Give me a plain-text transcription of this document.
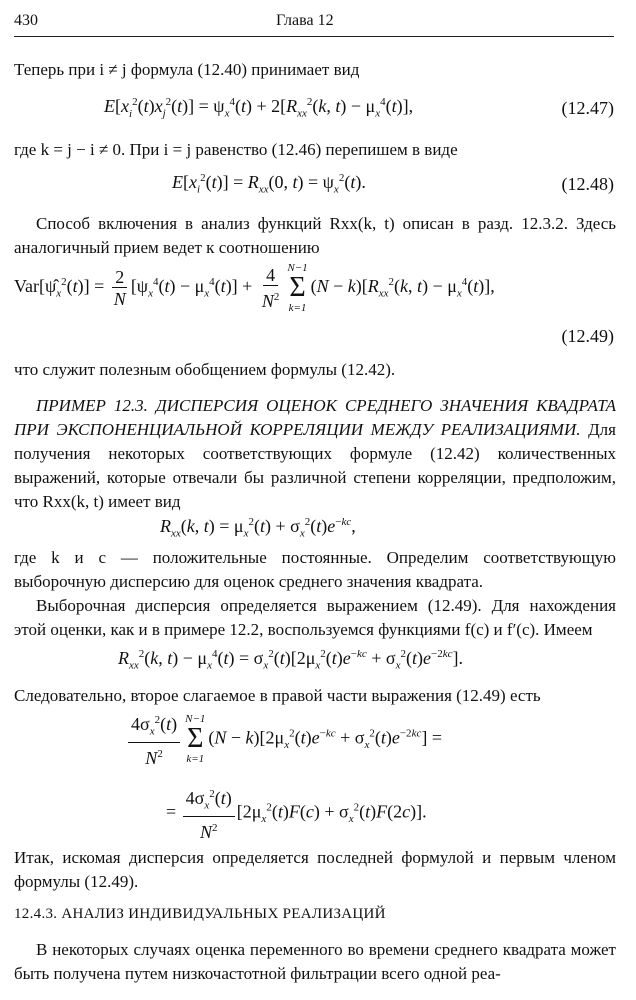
430	Глава 12
Теперь при i ≠ j формула (12.40) принимает вид
$E[x_i^2(t)x_j^2(t)] = \psi_x^4(t) + 2[R_{xx}^2(k$, $t) - \mu_x^4(t)$],	(12.47)
где k = j − i ≠ 0. При i = j равенство (12.46) перепишем в виде
$E[x_i^2(t)] = R_{xx}(0$, $t) = \psi_x^2(t)$.	(12.48)
Способ включения в анализ функций Rxx(k, t) описан в разд. 12.3.2. Здесь аналогичный прием ведет к соотношению
$Var[\psî_x^2(t)] = \frac{2}{N} [\psi_x^4(t) - \mu_x^4(t)] + \frac{4}{N^2} N-1$
Σ
k=1
$(N - k)[R_{xx}^2(k$, $t) - \mu_x^4(t)$],
(12.49)
что служит полезным обобщением формулы (12.42).
ПРИМЕР 12.3. ДИСПЕРСИЯ ОЦЕНОК СРЕДНЕГО ЗНАЧЕНИЯ КВАДРАТА ПРИ ЭКСПОНЕНЦИАЛЬНОЙ КОРРЕЛЯЦИИ МЕЖДУ РЕАЛИЗАЦИЯМИ. Для получения некоторых соответствующих формуле (12.42) количественных выражений, которые отвечали бы различной степени корреляции, предположим, что Rxx(k, t) имеет вид
$R_{xx}(k$, $t) = \mu_x^2(t) + \sigma_x^2(t)e^{-kc}$,
где k и c — положительные постоянные. Определим соответствующую выборочную дисперсию для оценок среднего значения квадрата.
Выборочная дисперсия определяется выражением (12.49). Для нахождения этой оценки, как и в примере 12.2, воспользуемся функциями f(c) и f′(c). Имеем
$R_{xx}^2(k$, $t) - \mu_x^4(t) = \sigma_x^2(t)[2\mu_x^2(t)e^{-kc} + \sigma_x^2(t)e^{-2kc}]$.
Следовательно, второе слагаемое в правой части выражения (12.49) есть
$\frac{4\sigma_x^2(t)}{N^2} N-1$
Σ
k=1
$(N - k)[2\mu_x^2(t)e^{-kc} + \sigma_x^2(t)e^{-2kc}]$ =
= $\frac{4\sigma_x^2(t)}{N^2} [2\mu_x^2(t)F(c) + \sigma_x^2(t)F(2c)]$.
Итак, искомая дисперсия определяется последней формулой и первым членом формулы (12.49).
12.4.3. АНАЛИЗ ИНДИВИДУАЛЬНЫХ РЕАЛИЗАЦИЙ
В некоторых случаях оценка переменного во времени среднего квадрата может быть получена путем низкочастотной фильтрации всего одной реа-
